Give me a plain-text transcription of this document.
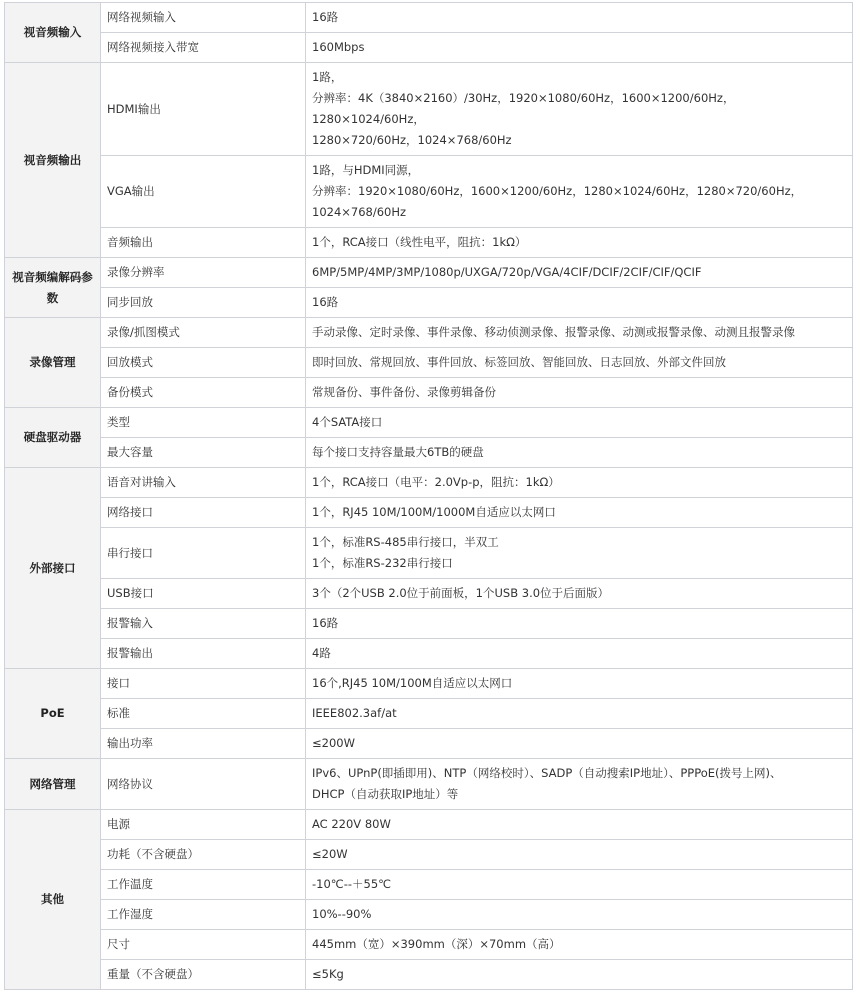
视音频输入	网络视频输入	16路

	网络视频接入带宽	160Mbps

视音频输出	HDMI输出	1路，
分辨率：4K（3840×2160）/30Hz，1920×1080/60Hz，1600×1200/60Hz，1280×1024/60Hz，
1280×720/60Hz，1024×768/60Hz

	VGA输出	1路，与HDMI同源，
分辨率：1920×1080/60Hz，1600×1200/60Hz，1280×1024/60Hz，1280×720/60Hz，
1024×768/60Hz

	音频输出	1个，RCA接口（线性电平，阻抗：1kΩ）

视音频编解码参数	录像分辨率	6MP/5MP/4MP/3MP/1080p/UXGA/720p/VGA/4CIF/DCIF/2CIF/CIF/QCIF

	同步回放	16路

录像管理	录像/抓图模式	手动录像、定时录像、事件录像、移动侦测录像、报警录像、动测或报警录像、动测且报警录像

	回放模式	即时回放、常规回放、事件回放、标签回放、智能回放、日志回放、外部文件回放

	备份模式	常规备份、事件备份、录像剪辑备份

硬盘驱动器	类型	4个SATA接口

	最大容量	每个接口支持容量最大6TB的硬盘

外部接口	语音对讲输入	1个，RCA接口（电平：2.0Vp-p，阻抗：1kΩ）

	网络接口	1个，RJ45 10M/100M/1000M自适应以太网口

	串行接口	1个，标准RS-485串行接口，半双工
1个，标准RS-232串行接口

	USB接口	3个（2个USB 2.0位于前面板，1个USB 3.0位于后面版）

	报警输入	16路

	报警输出	4路

PoE	接口	16个,RJ45 10M/100M自适应以太网口

	标准	IEEE802.3af/at

	输出功率	≤200W

网络管理	网络协议	IPv6、UPnP(即插即用)、NTP（网络校时）、SADP（自动搜索IP地址）、PPPoE(拨号上网)、
DHCP（自动获取IP地址）等

其他	电源	AC 220V 80W

	功耗（不含硬盘）	≤20W

	工作温度	-10℃--＋55℃

	工作湿度	10%--90%

	尺寸	445mm（宽）×390mm（深）×70mm（高）

	重量（不含硬盘）	≤5Kg
